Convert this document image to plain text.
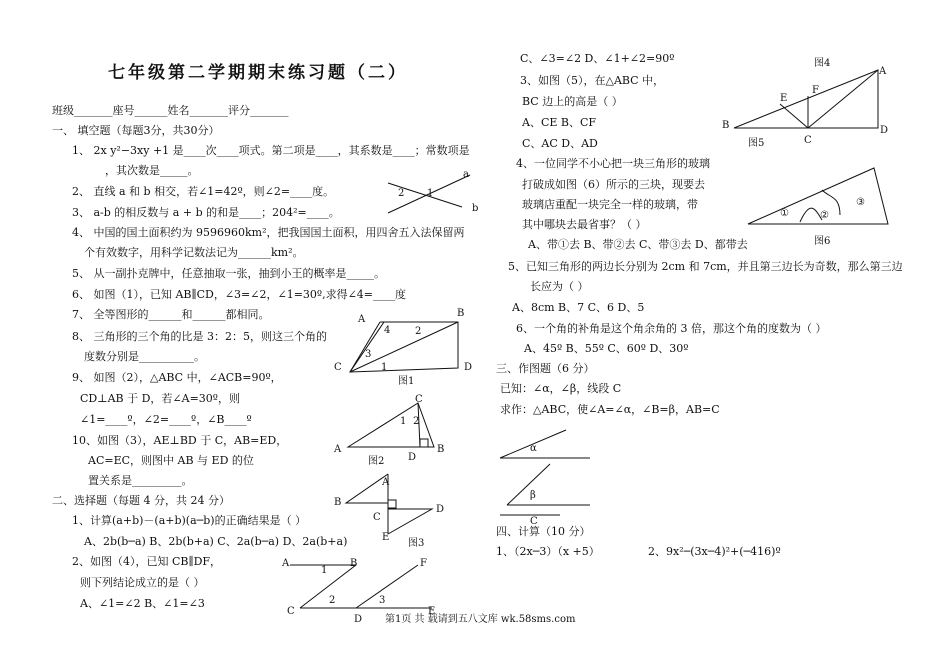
七年级第二学期期末练习题（二）
班级_______座号______姓名_______评分_______
一、 填空题（每题3分，共30分）
1、 2x y²−3xy +1 是____次____项式。第二项是____，其系数是____；常数项是
，其次数是_____。
2、 直线 a 和 b 相交，若∠1=42º，则∠2=____度。
3、 a-b 的相反数与 a + b 的和是____；204²=____。
4、 中国的国土面积约为 9596960km²，把我国国土面积，用四舍五入法保留两
个有效数字，用科学记数法记为______km²。
5、 从一副扑克牌中，任意抽取一张，抽到小王的概率是_____。
6、 如图（1），已知 AB∥CD，∠3=∠2，∠1=30º,求得∠4=____度
7、 全等图形的______和______都相同。
8、 三角形的三个角的比是 3：2：5，则这三个角的
度数分别是__________。
9、 如图（2），△ABC 中，∠ACB=90º，
CD⊥AB 于 D，若∠A=30º，则
∠1=____º，∠2=____º，∠B____º
10、如图（3），AE⊥BD 于 C，AB=ED，
AC=EC，则图中 AB 与 ED 的位
置关系是_________。
二、选择题（每题 4 分，共 24 分）
1、计算(a+b)－(a+b)(a─b)的正确结果是（ ）
A、2b(b─a) B、2b(b+a) C、2a(b─a) D、2a(b+a)
2、如图（4），已知 CB∥DF，
则下列结论成立的是（ ）
A、∠1=∠2 B、∠1=∠3
C、∠3=∠2 D、∠1+∠2=90º
3、如图（5），在△ABC 中，
BC 边上的高是（ ）
A、CE B、CF
C、AC D、AD
4、一位同学不小心把一块三角形的玻璃
打破成如图（6）所示的三块，现要去
玻璃店重配一块完全一样的玻璃，带
其中哪块去最省事？（ ）
A、带①去 B、带②去 C、带③去 D、都带去
5、已知三角形的两边长分别为 2cm 和 7cm，并且第三边长为奇数，那么第三边
长应为（ ）
A、8cm B、7 C、6 D、5
6、一个角的补角是这个角余角的 3 倍，那这个角的度数为（ ）
A、45º B、55º C、60º D、30º
三、作图题（6 分）
已知：∠α，∠β，线段 C
求作：△ABC，使∠A=∠α，∠B=β，AB=C
四、计算（10 分）
1、（2x─3）（x +5）	2、9x²─(3x─4)²+(─416)º
第1页 共 载请到五八文库 wk.58sms.com
a
b
1
2
A
B
C	D
1
2
3
4
图1
A	B
C
D
1 2
图2
A
B
C
D
E
图3
A	B
C
D
E
F
1
2	3
A
B
C
D
E
F
图5
①	②
③
图6
图4
α
β
C
